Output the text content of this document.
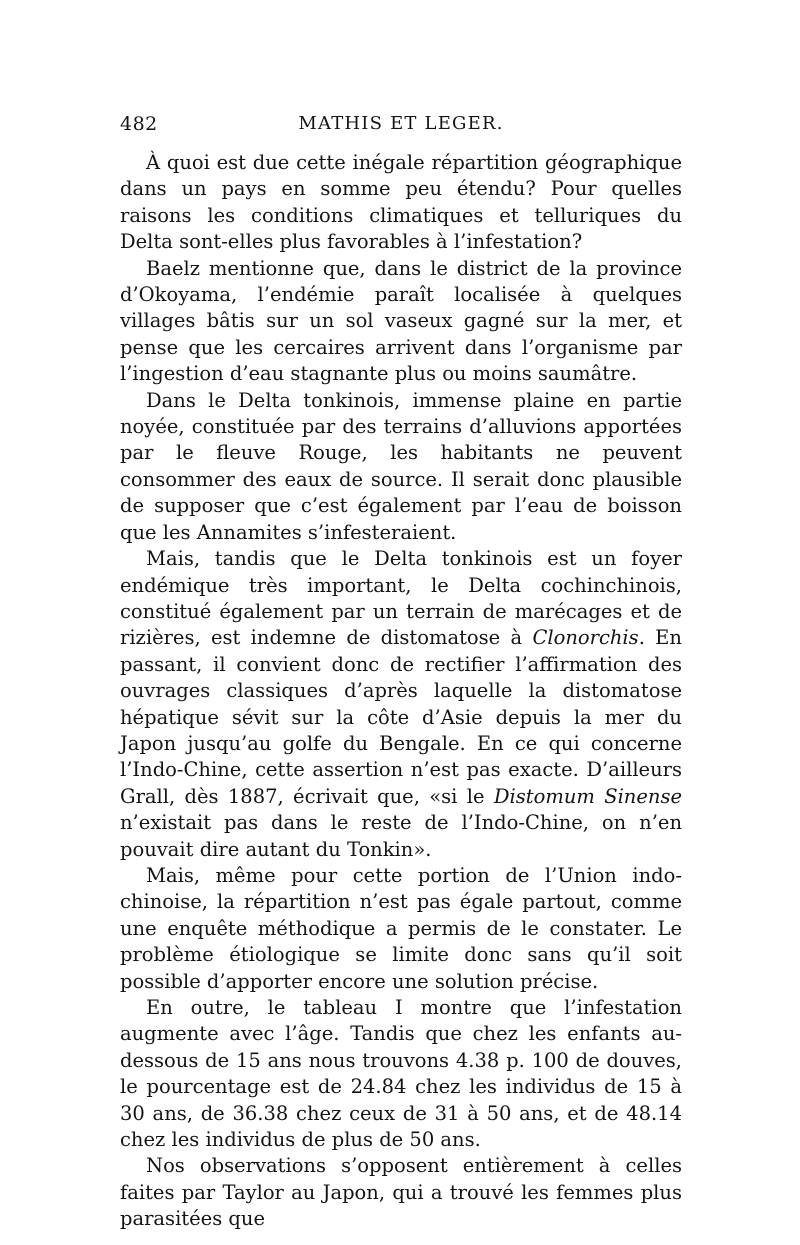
482	MATHIS ET LEGER.

À quoi est due cette inégale répartition géographique dans un pays en somme peu étendu? Pour quelles raisons les conditions climatiques et telluriques du Delta sont-elles plus favorables à l’infestation?

Baelz mentionne que, dans le district de la province d’Okoyama, l’endémie paraît localisée à quelques villages bâtis sur un sol vaseux gagné sur la mer, et pense que les cercaires arrivent dans l’organisme par l’ingestion d’eau stagnante plus ou moins saumâtre.

Dans le Delta tonkinois, immense plaine en partie noyée, constituée par des terrains d’alluvions apportées par le fleuve Rouge, les habitants ne peuvent consommer des eaux de source. Il serait donc plausible de supposer que c’est également par l’eau de boisson que les Annamites s’infesteraient.

Mais, tandis que le Delta tonkinois est un foyer endémique très important, le Delta cochinchinois, constitué également par un terrain de marécages et de rizières, est indemne de distomatose à Clonorchis. En passant, il convient donc de rectifier l’affirmation des ouvrages classiques d’après laquelle la distomatose hépatique sévit sur la côte d’Asie depuis la mer du Japon jusqu’au golfe du Bengale. En ce qui concerne l’Indo-Chine, cette assertion n’est pas exacte. D’ailleurs Grall, dès 1887, écrivait que, «si le Distomum Sinense n’existait pas dans le reste de l’Indo-Chine, on n’en pouvait dire autant du Tonkin».

Mais, même pour cette portion de l’Union indo-chinoise, la répartition n’est pas égale partout, comme une enquête méthodique a permis de le constater. Le problème étiologique se limite donc sans qu’il soit possible d’apporter encore une solution précise.

En outre, le tableau I montre que l’infestation augmente avec l’âge. Tandis que chez les enfants au-dessous de 15 ans nous trouvons 4.38 p. 100 de douves, le pourcentage est de 24.84 chez les individus de 15 à 30 ans, de 36.38 chez ceux de 31 à 50 ans, et de 48.14 chez les individus de plus de 50 ans.

Nos observations s’opposent entièrement à celles faites par Taylor au Japon, qui a trouvé les femmes plus parasitées que
